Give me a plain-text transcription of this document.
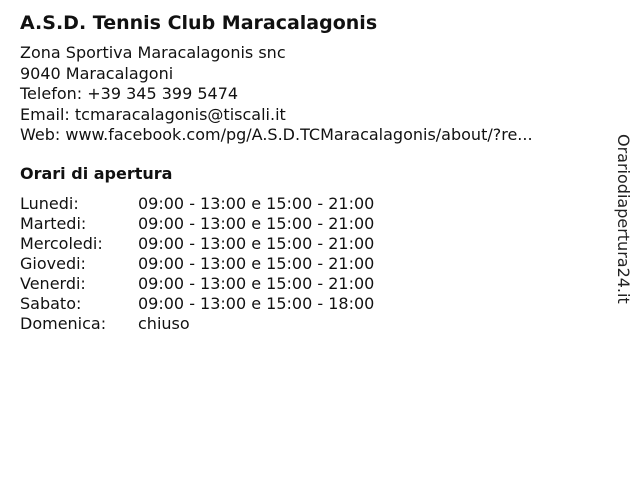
A.S.D. Tennis Club Maracalagonis
Zona Sportiva Maracalagonis snc
9040 Maracalagoni
Telefon: +39 345 399 5474
Email: tcmaracalagonis@tiscali.it
Web: www.facebook.com/pg/A.S.D.TCMaracalagonis/about/?re...
Orari di apertura
Lunedi:	09:00 - 13:00 e 15:00 - 21:00
Martedi:	09:00 - 13:00 e 15:00 - 21:00
Mercoledi:	09:00 - 13:00 e 15:00 - 21:00
Giovedi:	09:00 - 13:00 e 15:00 - 21:00
Venerdi:	09:00 - 13:00 e 15:00 - 21:00
Sabato:	09:00 - 13:00 e 15:00 - 18:00
Domenica:	chiuso
Orariodiapertura24.it
